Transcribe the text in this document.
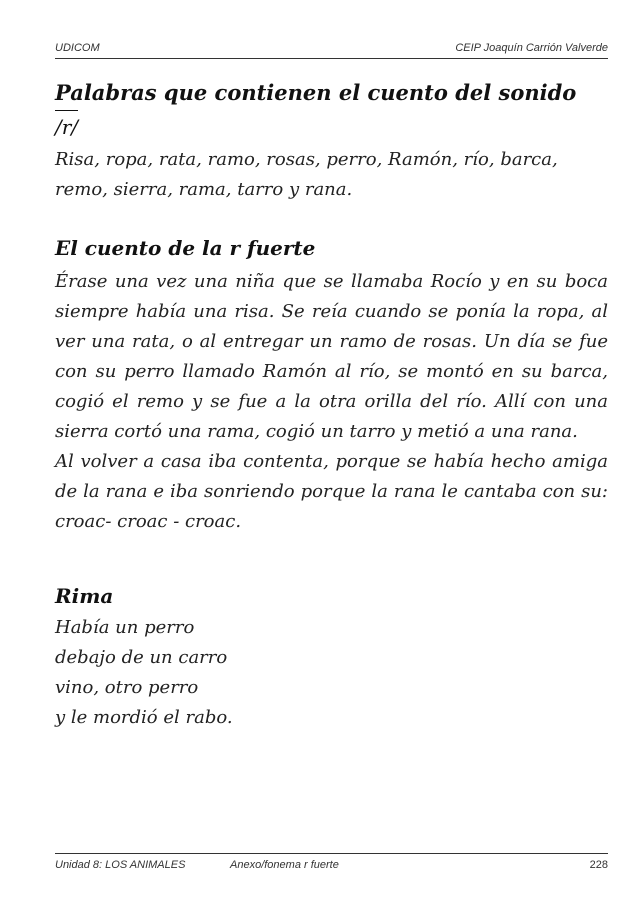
UDICOM	CEIP Joaquín Carrión Valverde
Palabras que contienen el cuento del sonido
/r/

Risa, ropa, rata, ramo, rosas, perro, Ramón, río, barca, remo, sierra, rama, tarro y rana.

El cuento de la r fuerte

Érase una vez una niña que se llamaba Rocío y en su boca siempre había una risa. Se reía cuando se ponía la ropa, al ver una rata, o al entregar un ramo de rosas. Un día se fue con su perro llamado Ramón al río, se montó en su barca, cogió el remo y se fue a la otra orilla del río. Allí con una sierra cortó una rama, cogió un tarro y metió a una rana.

Al volver a casa iba contenta, porque se había hecho amiga de la rana e iba sonriendo porque la rana le cantaba con su: croac- croac - croac.

Rima

Había un perro

debajo de un carro

vino, otro perro

y le mordió el rabo.

Unidad 8: LOS ANIMALES	Anexo/fonema r fuerte	228
